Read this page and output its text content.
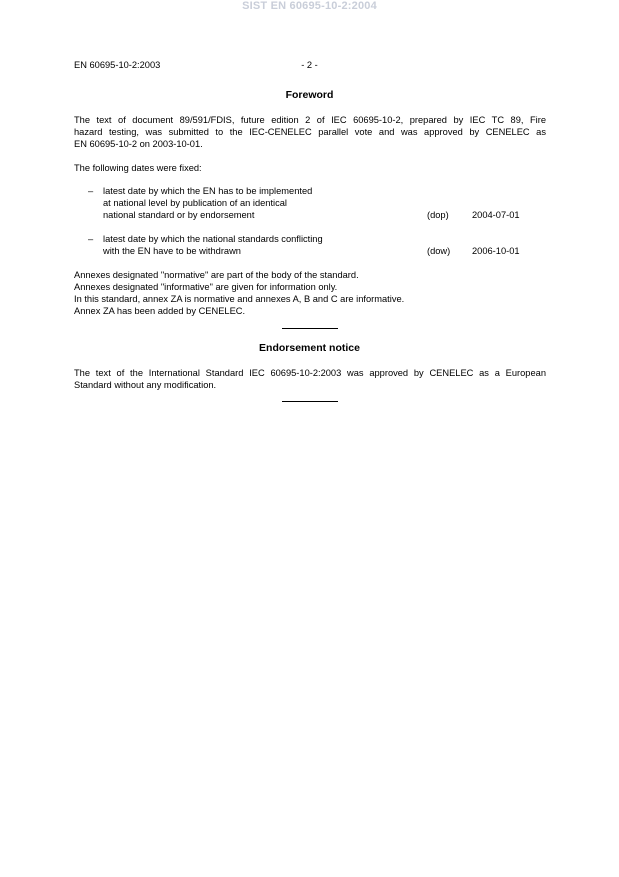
SIST EN 60695-10-2:2004
EN 60695-10-2:2003	- 2 -
Foreword

The text of document 89/591/FDIS, future edition 2 of IEC 60695-10-2, prepared by IEC TC 89, Fire
hazard testing, was submitted to the IEC-CENELEC parallel vote and was approved by CENELEC as
EN 60695-10-2 on 2003-10-01.

The following dates were fixed:
– latest date by which the EN has to be implemented
at national level by publication of an identical
national standard or by endorsement	(dop)	2004-07-01
– latest date by which the national standards conflicting
with the EN have to be withdrawn	(dow) 2006-10-01
Annexes designated "normative" are part of the body of the standard.
Annexes designated "informative" are given for information only.
In this standard, annex ZA is normative and annexes A, B and C are informative.
Annex ZA has been added by CENELEC.
Endorsement notice

The text of the International Standard IEC 60695-10-2:2003 was approved by CENELEC as a European
Standard without any modification.
